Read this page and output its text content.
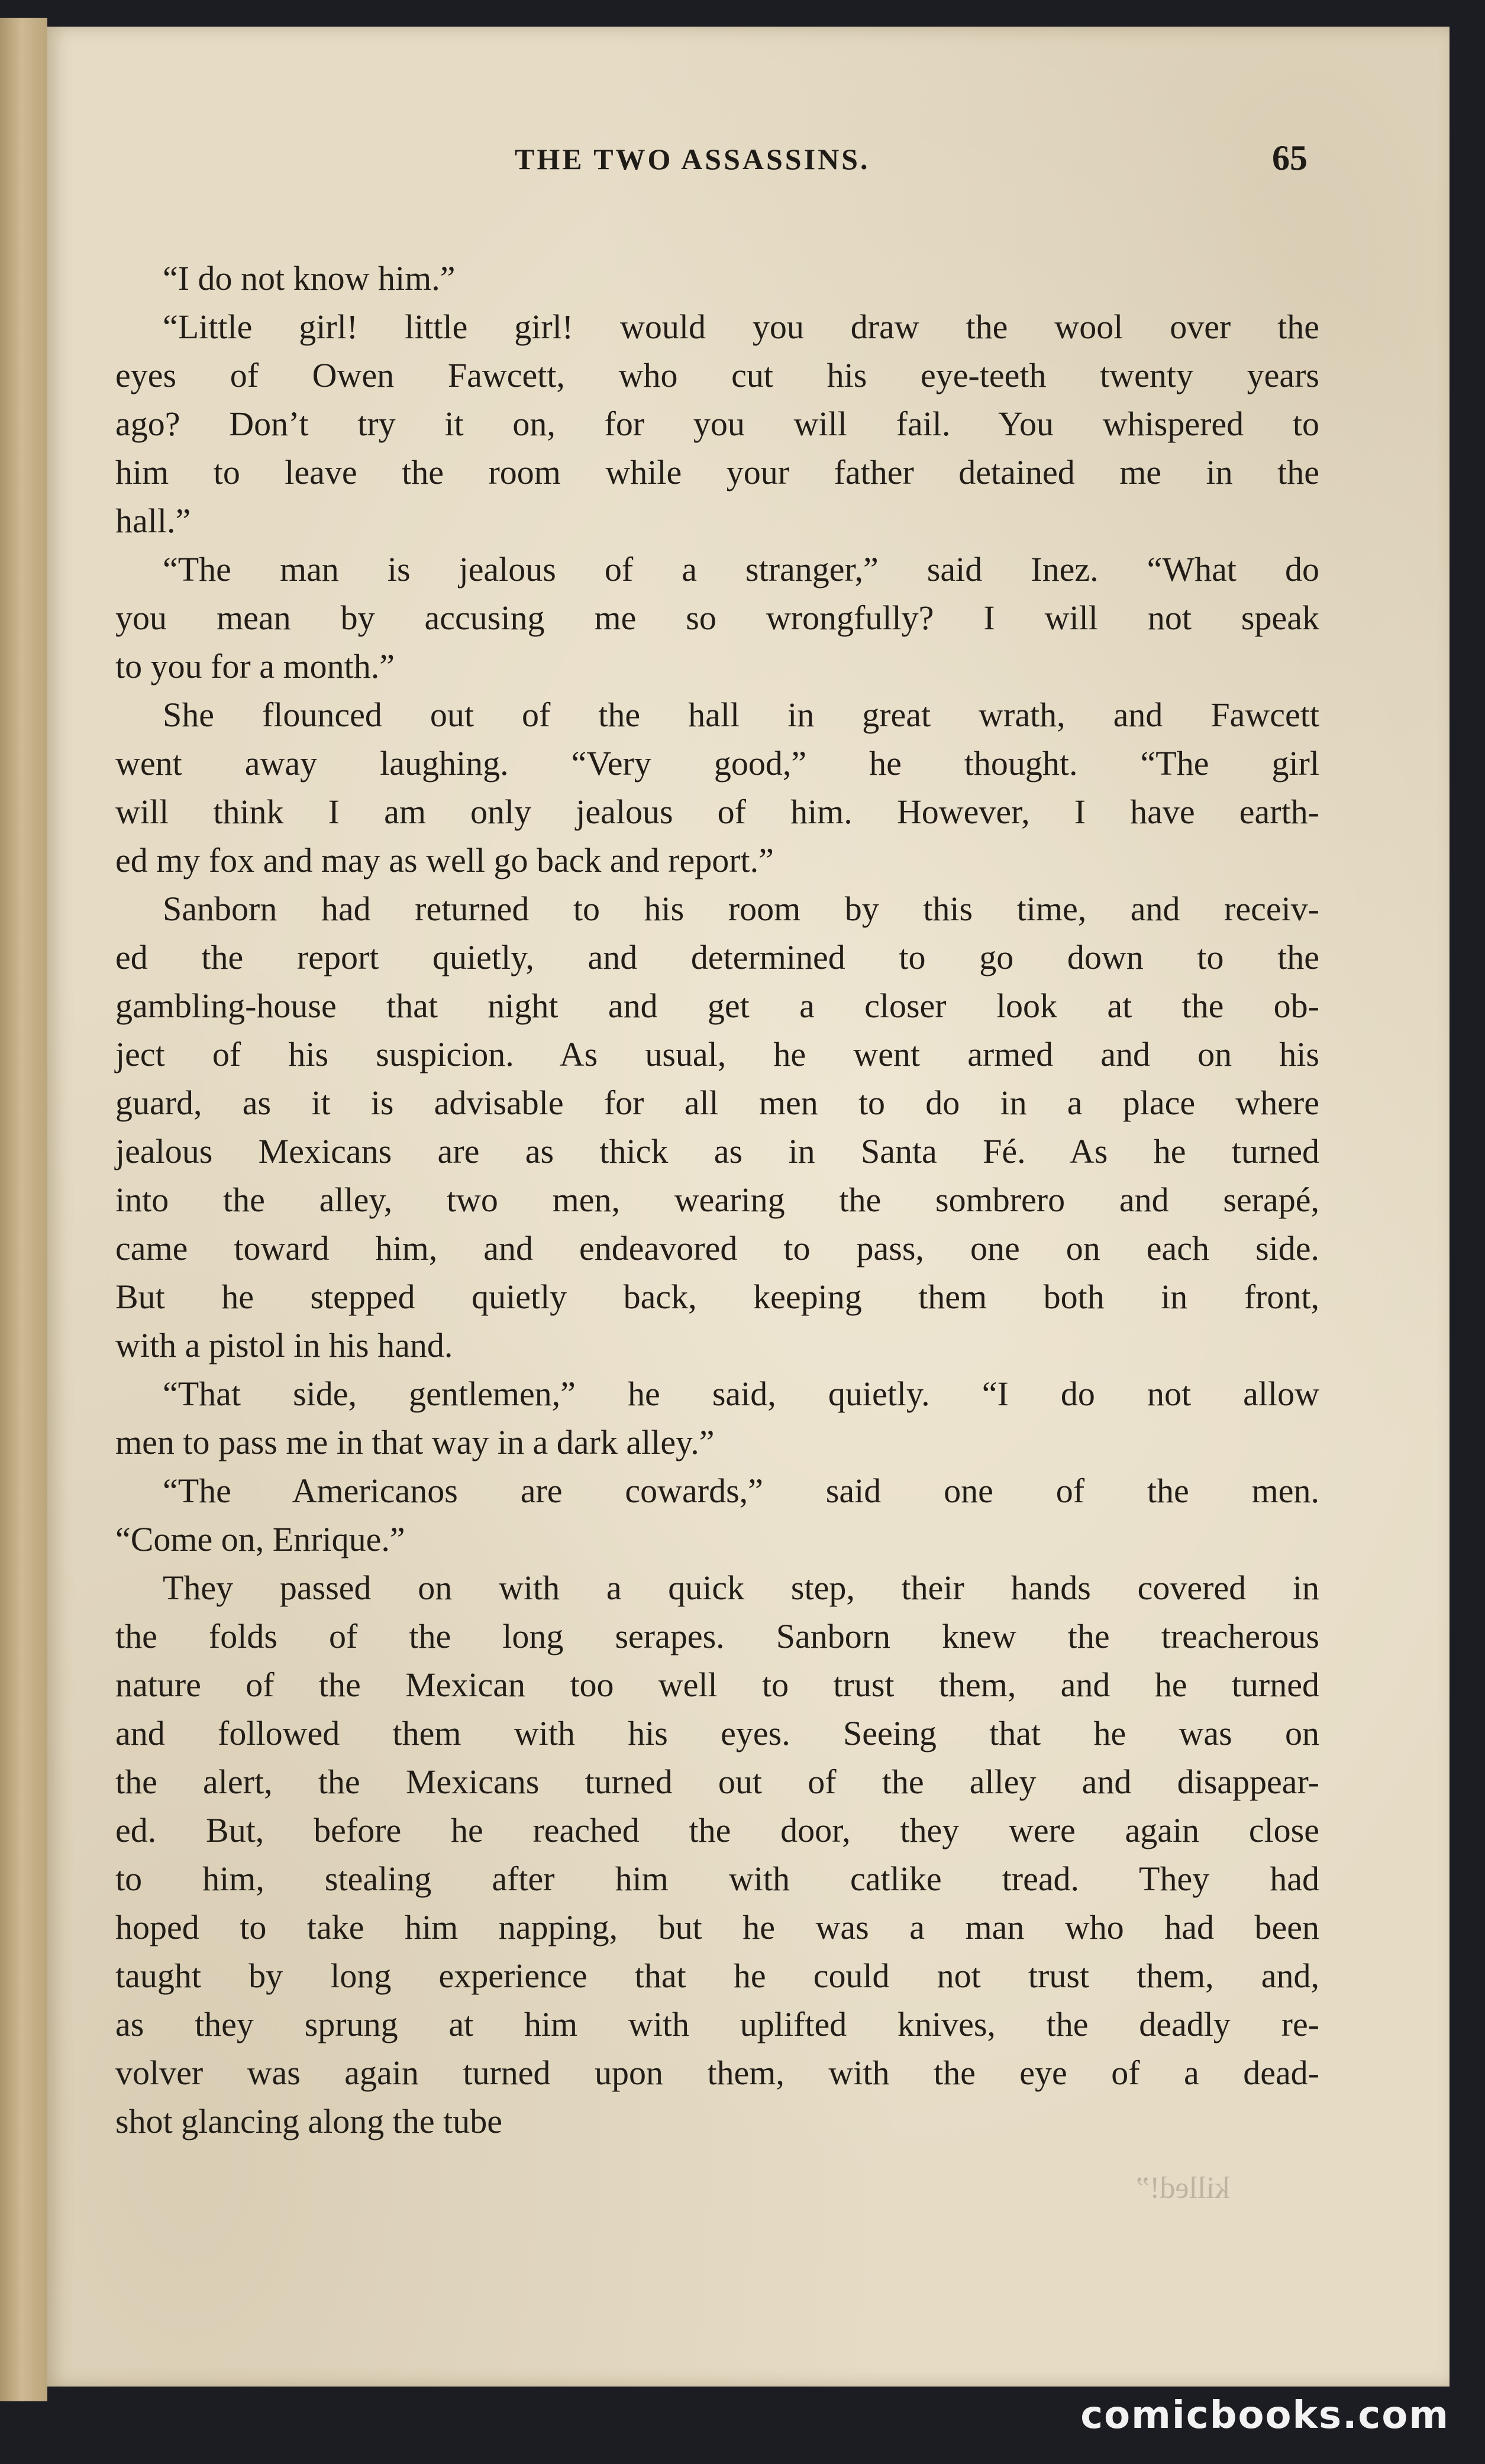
THE TWO ASSASSINS.	65
“I do not know him.”
“Little girl! little girl! would you draw the wool over the
eyes of Owen Fawcett, who cut his eye-teeth twenty years
ago? Don’t try it on, for you will fail. You whispered to
him to leave the room while your father detained me in the
hall.”
“The man is jealous of a stranger,” said Inez. “What do
you mean by accusing me so wrongfully? I will not speak
to you for a month.”
She flounced out of the hall in great wrath, and Fawcett
went away laughing. “Very good,” he thought. “The girl
will think I am only jealous of him. However, I have earth-
ed my fox and may as well go back and report.”
Sanborn had returned to his room by this time, and receiv-
ed the report quietly, and determined to go down to the
gambling-house that night and get a closer look at the ob-
ject of his suspicion. As usual, he went armed and on his
guard, as it is advisable for all men to do in a place where
jealous Mexicans are as thick as in Santa Fé. As he turned
into the alley, two men, wearing the sombrero and serapé,
came toward him, and endeavored to pass, one on each side.
But he stepped quietly back, keeping them both in front,
with a pistol in his hand.
“That side, gentlemen,” he said, quietly. “I do not allow
men to pass me in that way in a dark alley.”
“The Americanos are cowards,” said one of the men.
“Come on, Enrique.”
They passed on with a quick step, their hands covered in
the folds of the long serapes. Sanborn knew the treacherous
nature of the Mexican too well to trust them, and he turned
and followed them with his eyes. Seeing that he was on
the alert, the Mexicans turned out of the alley and disappear-
ed. But, before he reached the door, they were again close
to him, stealing after him with catlike tread. They had
hoped to take him napping, but he was a man who had been
taught by long experience that he could not trust them, and,
as they sprung at him with uplifted knives, the deadly re-
volver was again turned upon them, with the eye of a dead-
shot glancing along the tube
killed!”
comicbooks.com
